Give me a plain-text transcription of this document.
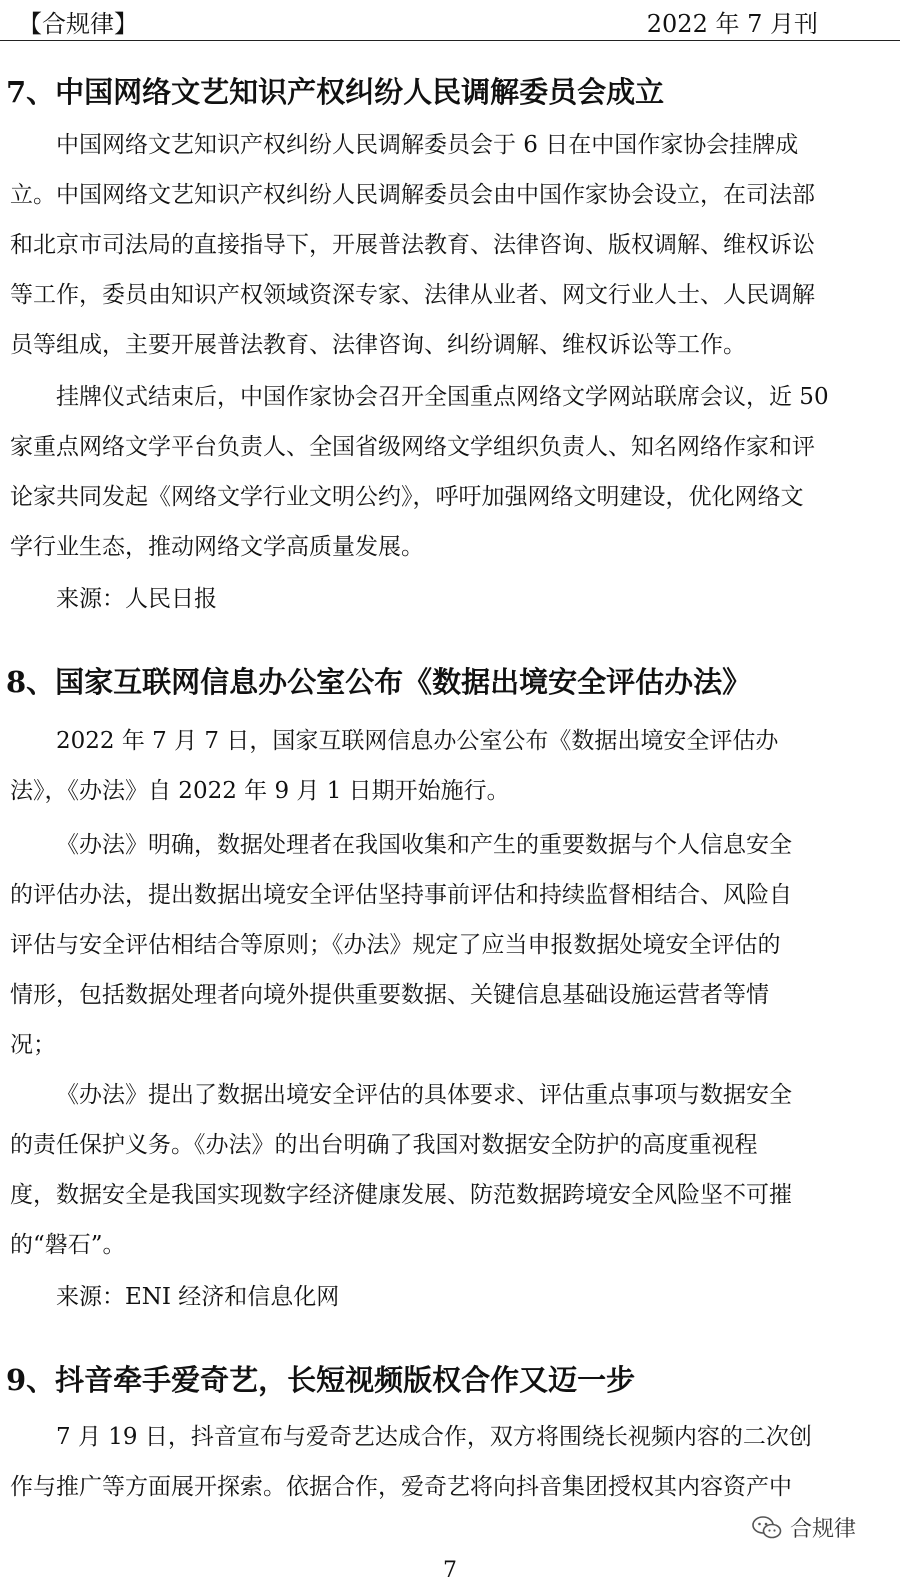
【合规律】	2022 年 7 月刊
7、中国网络文艺知识产权纠纷人民调解委员会成立
中国网络文艺知识产权纠纷人民调解委员会于 6 日在中国作家协会挂牌成
立。中国网络文艺知识产权纠纷人民调解委员会由中国作家协会设立，在司法部
和北京市司法局的直接指导下，开展普法教育、法律咨询、版权调解、维权诉讼
等工作，委员由知识产权领域资深专家、法律从业者、网文行业人士、人民调解
员等组成，主要开展普法教育、法律咨询、纠纷调解、维权诉讼等工作。
挂牌仪式结束后，中国作家协会召开全国重点网络文学网站联席会议，近 50
家重点网络文学平台负责人、全国省级网络文学组织负责人、知名网络作家和评
论家共同发起《网络文学行业文明公约》，呼吁加强网络文明建设，优化网络文
学行业生态，推动网络文学高质量发展。
来源：人民日报
8、国家互联网信息办公室公布《数据出境安全评估办法》
2022 年 7 月 7 日，国家互联网信息办公室公布《数据出境安全评估办
法》，《办法》自 2022 年 9 月 1 日期开始施行。
《办法》明确，数据处理者在我国收集和产生的重要数据与个人信息安全
的评估办法，提出数据出境安全评估坚持事前评估和持续监督相结合、风险自
评估与安全评估相结合等原则；《办法》规定了应当申报数据处境安全评估的
情形，包括数据处理者向境外提供重要数据、关键信息基础设施运营者等情
况；
《办法》提出了数据出境安全评估的具体要求、评估重点事项与数据安全
的责任保护义务。《办法》的出台明确了我国对数据安全防护的高度重视程
度，数据安全是我国实现数字经济健康发展、防范数据跨境安全风险坚不可摧
的“磐石”。
来源：ENI 经济和信息化网
9、抖音牵手爱奇艺，长短视频版权合作又迈一步
7 月 19 日，抖音宣布与爱奇艺达成合作，双方将围绕长视频内容的二次创
作与推广等方面展开探索。依据合作，爱奇艺将向抖音集团授权其内容资产中
合规律
7
